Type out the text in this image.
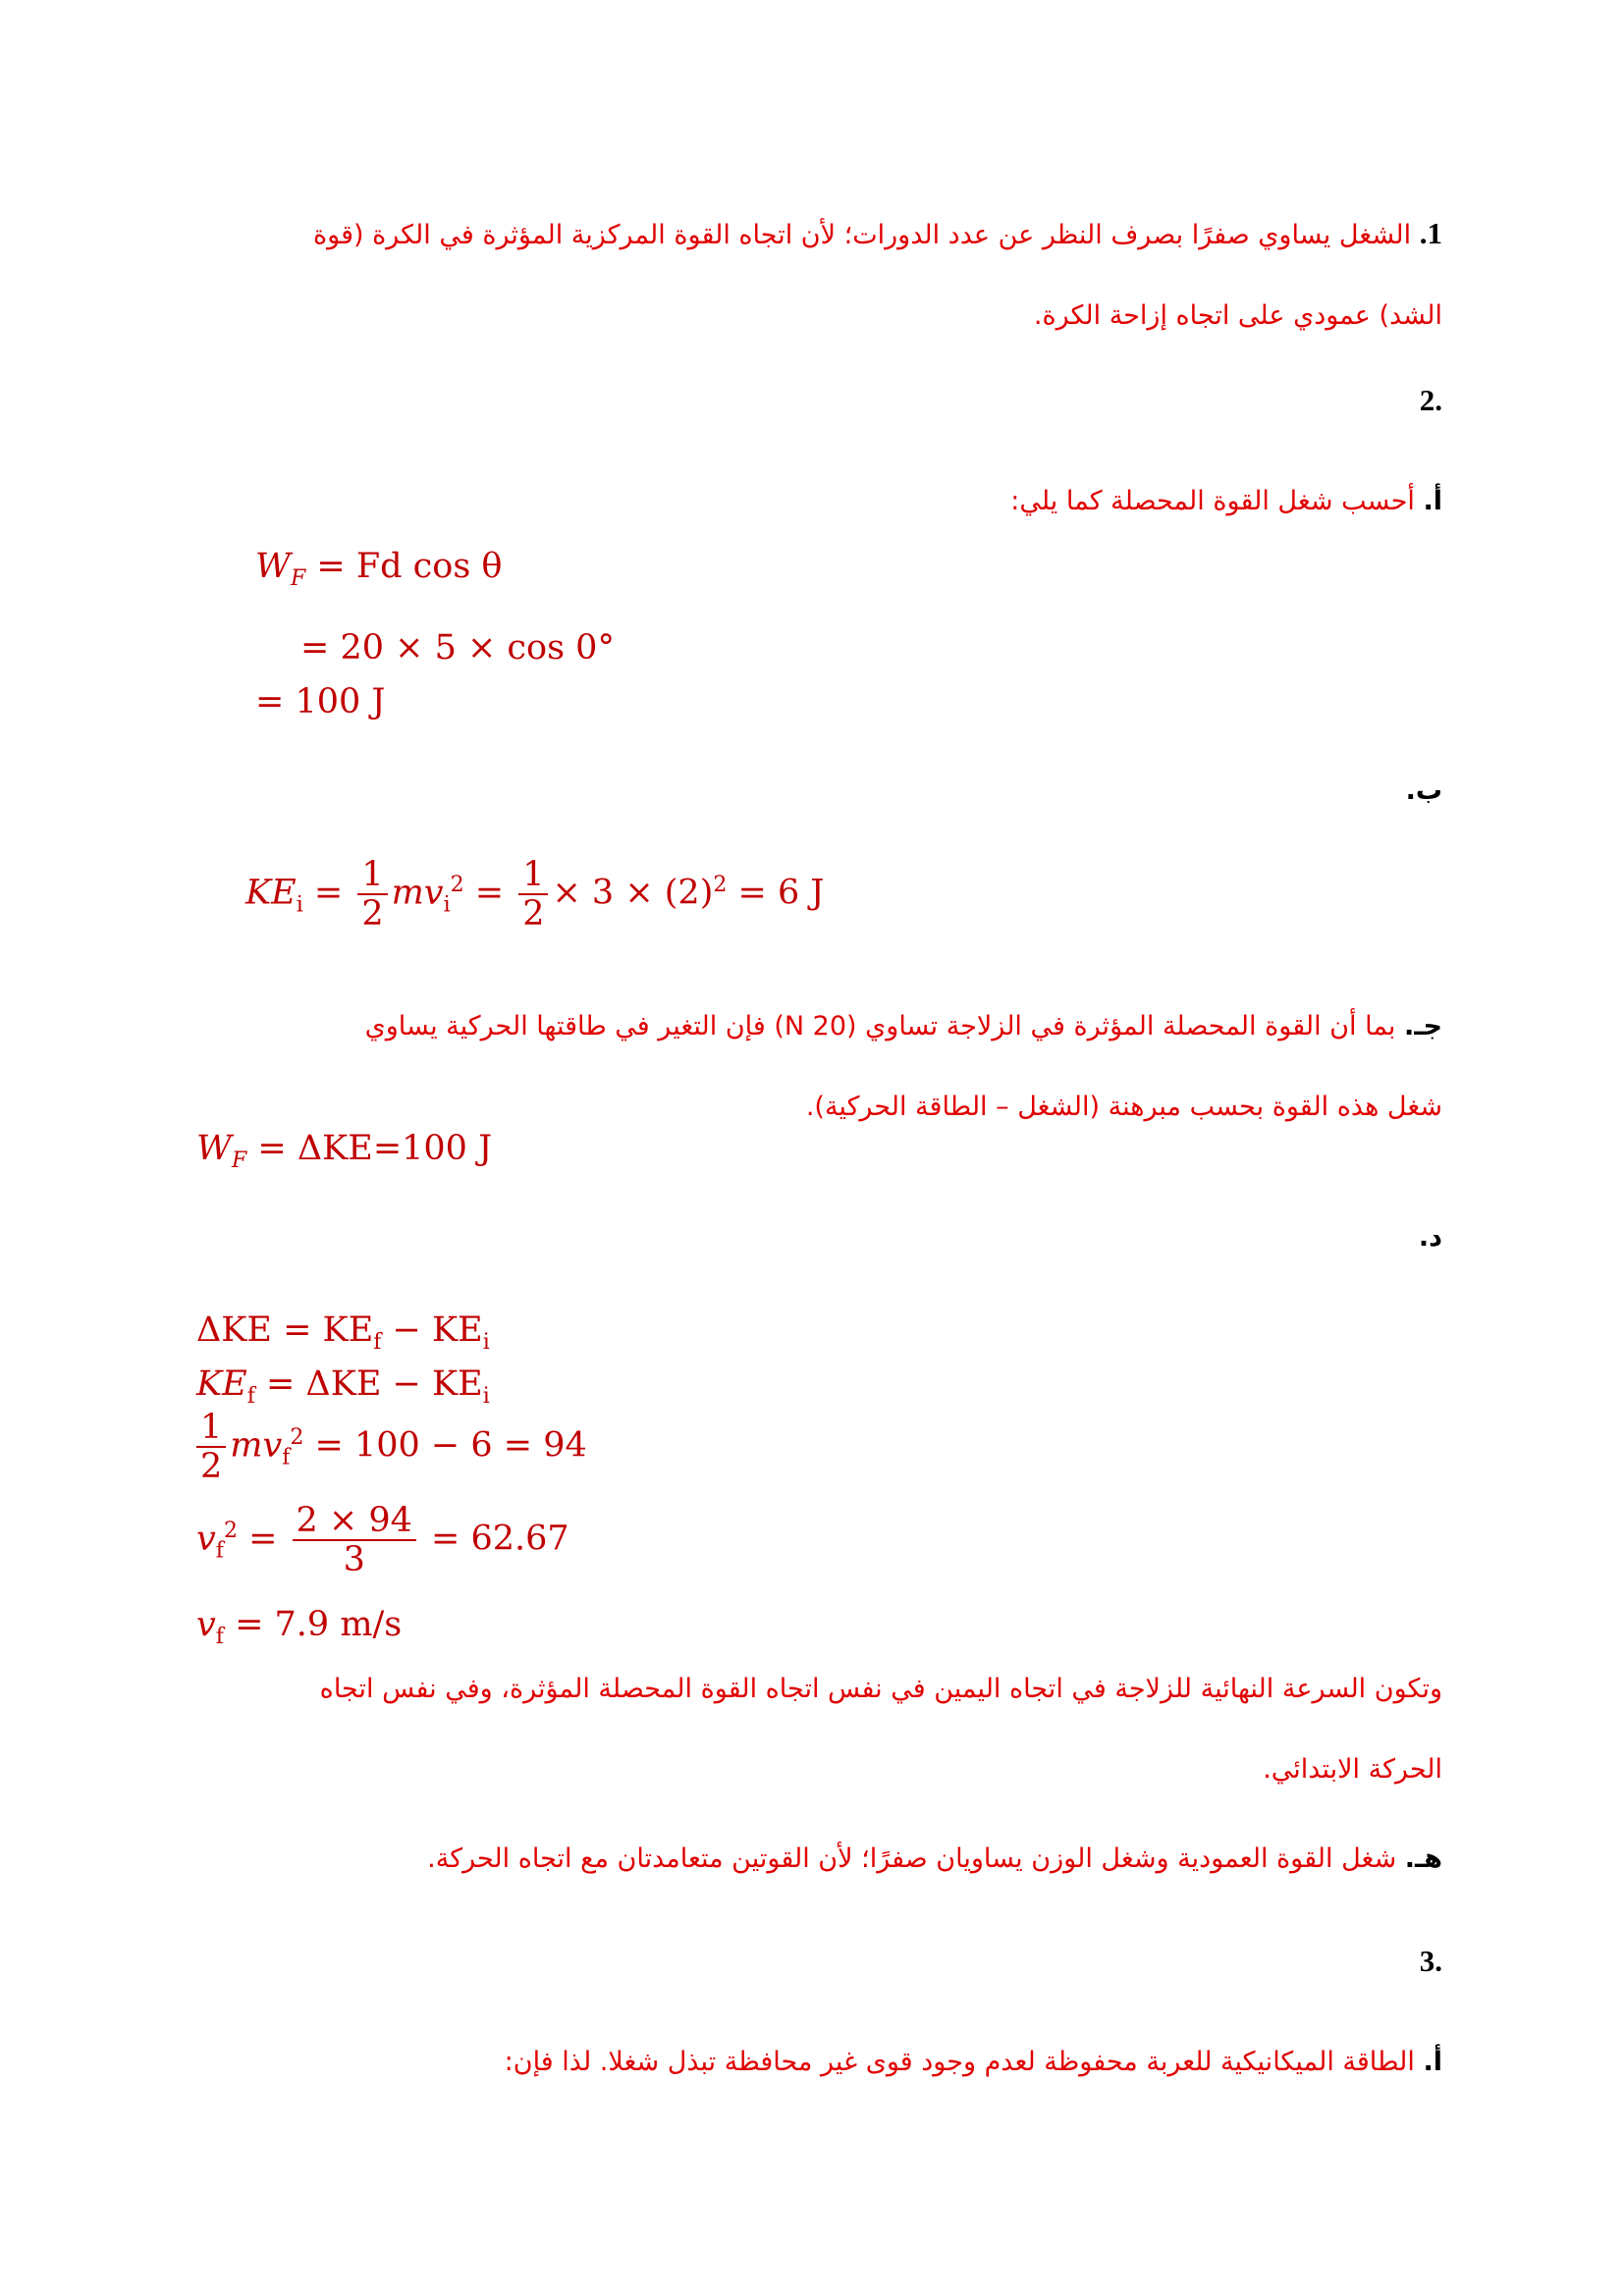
1. الشغل يساوي صفرًا بصرف النظر عن عدد الدورات؛ لأن اتجاه القوة المركزية المؤثرة في الكرة (قوة
الشد) عمودي على اتجاه إزاحة الكرة.
.2
أ. أحسب شغل القوة المحصلة كما يلي:
$W_F = Fd$ cos θ
= 20 × 5 × cos 0°
= 100 J
ب.
$KE_i = \frac{1}{2} mv_i^2 = \frac{1}{2} \times 3 \times (2)^2 = 6$ J
جـ. بما أن القوة المحصلة المؤثرة في الزلاجة تساوي (N 20) فإن التغير في طاقتها الحركية يساوي
شغل هذه القوة بحسب مبرهنة (الشغل – الطاقة الحركية).
$W_F = \Delta KE=100$ J
د.
$\Delta KE = KE_f - KE_i$
$KE_f = \Delta KE - KE_i$
$\frac{1}{2} mv_f^2 = 100 - 6 = 94$
$v_f^2 = \frac{2 \times 94}{3} = 62.67$
$v_f = 7.9$ m/s
وتكون السرعة النهائية للزلاجة في اتجاه اليمين في نفس اتجاه القوة المحصلة المؤثرة، وفي نفس اتجاه
الحركة الابتدائي.
هـ. شغل القوة العمودية وشغل الوزن يساويان صفرًا؛ لأن القوتين متعامدتان مع اتجاه الحركة.
.3
أ. الطاقة الميكانيكية للعربة محفوظة لعدم وجود قوى غير محافظة تبذل شغلا. لذا فإن:
